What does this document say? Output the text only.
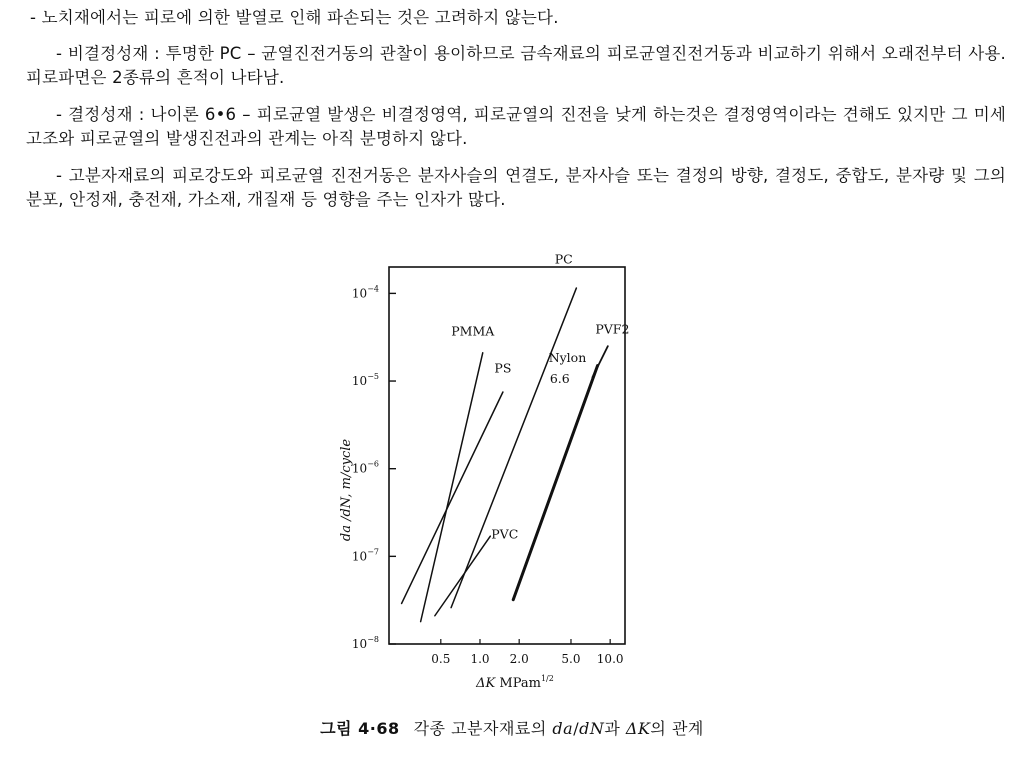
- 노치재에서는 피로에 의한 발열로 인해 파손되는 것은 고려하지 않는다.

- 비결정성재 : 투명한 PC – 균열진전거동의 관찰이 용이하므로 금속재료의 피로균열진전거동과 비교하기 위해서 오래전부터 사용. 피로파면은 2종류의 흔적이 나타남.

- 결정성재 : 나이론 6•6 – 피로균열 발생은 비결정영역, 피로균열의 진전을 낮게 하는것은 결정영역이라는 견해도 있지만 그 미세고조와 피로균열의 발생진전과의 관계는 아직 분명하지 않다.

- 고분자재료의 피로강도와 피로균열 진전거동은 분자사슬의 연결도, 분자사슬 또는 결정의 방향, 결정도, 중합도, 분자량 및 그의 분포, 안정재, 충전재, 가소재, 개질재 등 영향을 주는 인자가 많다.

$10^{-4}$
$10^{-5}$
$10^{-6}$
$10^{-7}$
$10^{-8}$
0.5 1.0 2.0	5.0 10.0
PMMA
PS
PVC
PC
PVF2
Nylon
6.6
da /dN, m/cycle
ΔK MPam$^{1/2}$
그림 4·68 각종 고분자재료의 da/dN과 ΔK의 관계
